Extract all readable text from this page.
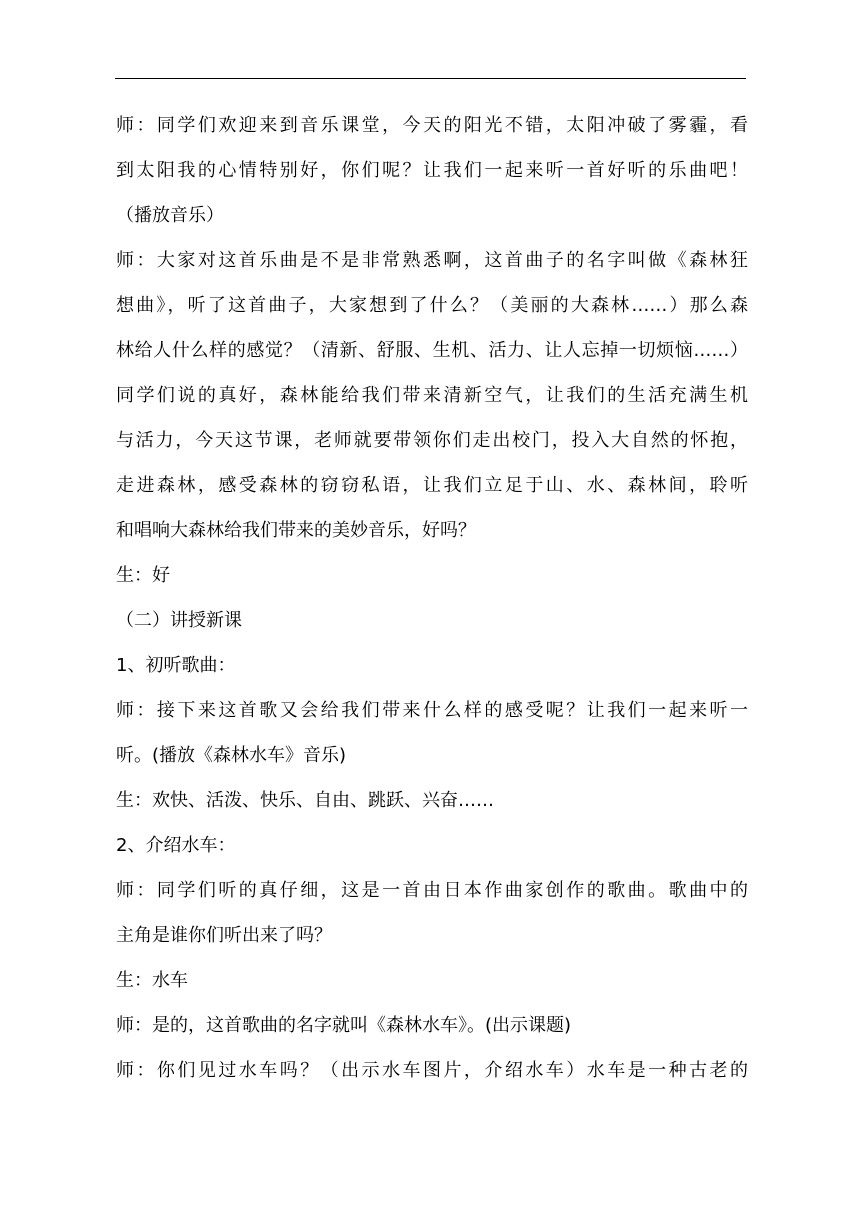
师：同学们欢迎来到音乐课堂，今天的阳光不错，太阳冲破了雾霾，看
到太阳我的心情特别好，你们呢？让我们一起来听一首好听的乐曲吧！
（播放音乐）
师：大家对这首乐曲是不是非常熟悉啊，这首曲子的名字叫做《森林狂
想曲》，听了这首曲子，大家想到了什么？（美丽的大森林……）那么森
林给人什么样的感觉？（清新、舒服、生机、活力、让人忘掉一切烦恼……）
同学们说的真好，森林能给我们带来清新空气，让我们的生活充满生机
与活力，今天这节课，老师就要带领你们走出校门，投入大自然的怀抱，
走进森林，感受森林的窃窃私语，让我们立足于山、水、森林间，聆听
和唱响大森林给我们带来的美妙音乐，好吗？
生：好
（二）讲授新课
1、初听歌曲：
师：接下来这首歌又会给我们带来什么样的感受呢？让我们一起来听一
听。(播放《森林水车》音乐)
生：欢快、活泼、快乐、自由、跳跃、兴奋……
2、介绍水车：
师：同学们听的真仔细，这是一首由日本作曲家创作的歌曲。歌曲中的
主角是谁你们听出来了吗？
生：水车
师：是的，这首歌曲的名字就叫《森林水车》。(出示课题)
师：你们见过水车吗？（出示水车图片，介绍水车）水车是一种古老的
